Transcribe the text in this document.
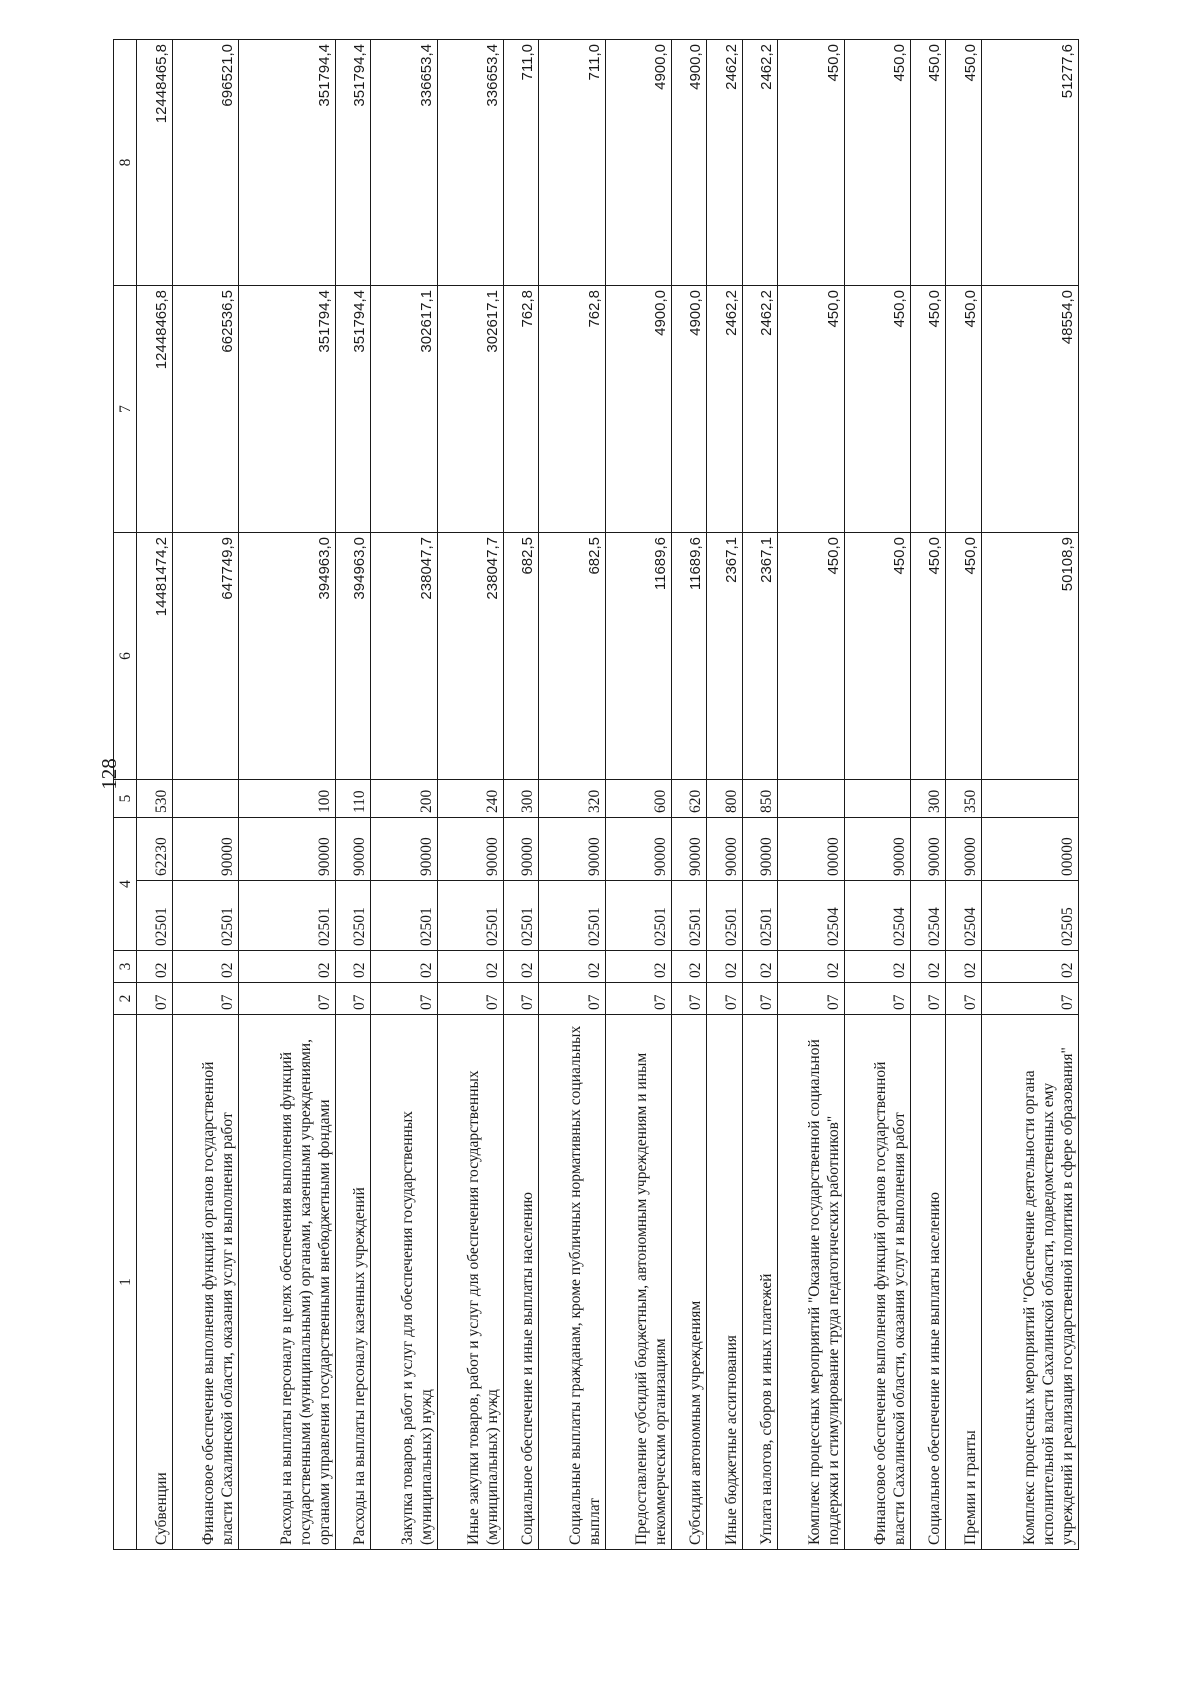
128
1	2	3	4		5	6	7	8
Субвенции	07	02	02501	62230	530	14481474,2	12448465,8	12448465,8
Финансовое обеспечение выполнения функций органов государственной власти Сахалинской области, оказания услуг и выполнения работ	07	02	02501	90000		647749,9	662536,5	696521,0
Расходы на выплаты персоналу в целях обеспечения выполнения функций государственными (муниципальными) органами, казенными учреждениями, органами управления государственными внебюджетными фондами	07	02	02501	90000	100	394963,0	351794,4	351794,4
Расходы на выплаты персоналу казенных учреждений	07	02	02501	90000	110	394963,0	351794,4	351794,4
Закупка товаров, работ и услуг для обеспечения государственных (муниципальных) нужд	07	02	02501	90000	200	238047,7	302617,1	336653,4
Иные закупки товаров, работ и услуг для обеспечения государственных (муниципальных) нужд	07	02	02501	90000	240	238047,7	302617,1	336653,4
Социальное обеспечение и иные выплаты населению	07	02	02501	90000	300	682,5	762,8	711,0
Социальные выплаты гражданам, кроме публичных нормативных социальных выплат	07	02	02501	90000	320	682,5	762,8	711,0
Предоставление субсидий бюджетным, автономным учреждениям и иным некоммерческим организациям	07	02	02501	90000	600	11689,6	4900,0	4900,0
Субсидии автономным учреждениям	07	02	02501	90000	620	11689,6	4900,0	4900,0
Иные бюджетные ассигнования	07	02	02501	90000	800	2367,1	2462,2	2462,2
Уплата налогов, сборов и иных платежей	07	02	02501	90000	850	2367,1	2462,2	2462,2
Комплекс процессных мероприятий "Оказание государственной социальной поддержки и стимулирование труда педагогических работников"	07	02	02504	00000		450,0	450,0	450,0
Финансовое обеспечение выполнения функций органов государственной власти Сахалинской области, оказания услуг и выполнения работ	07	02	02504	90000		450,0	450,0	450,0
Социальное обеспечение и иные выплаты населению	07	02	02504	90000	300	450,0	450,0	450,0
Премии и гранты	07	02	02504	90000	350	450,0	450,0	450,0
Комплекс процессных мероприятий "Обеспечение деятельности органа исполнительной власти Сахалинской области, подведомственных ему учреждений и реализация государственной политики в сфере образования"	07	02	02505	00000		50108,9	48554,0	51277,6
